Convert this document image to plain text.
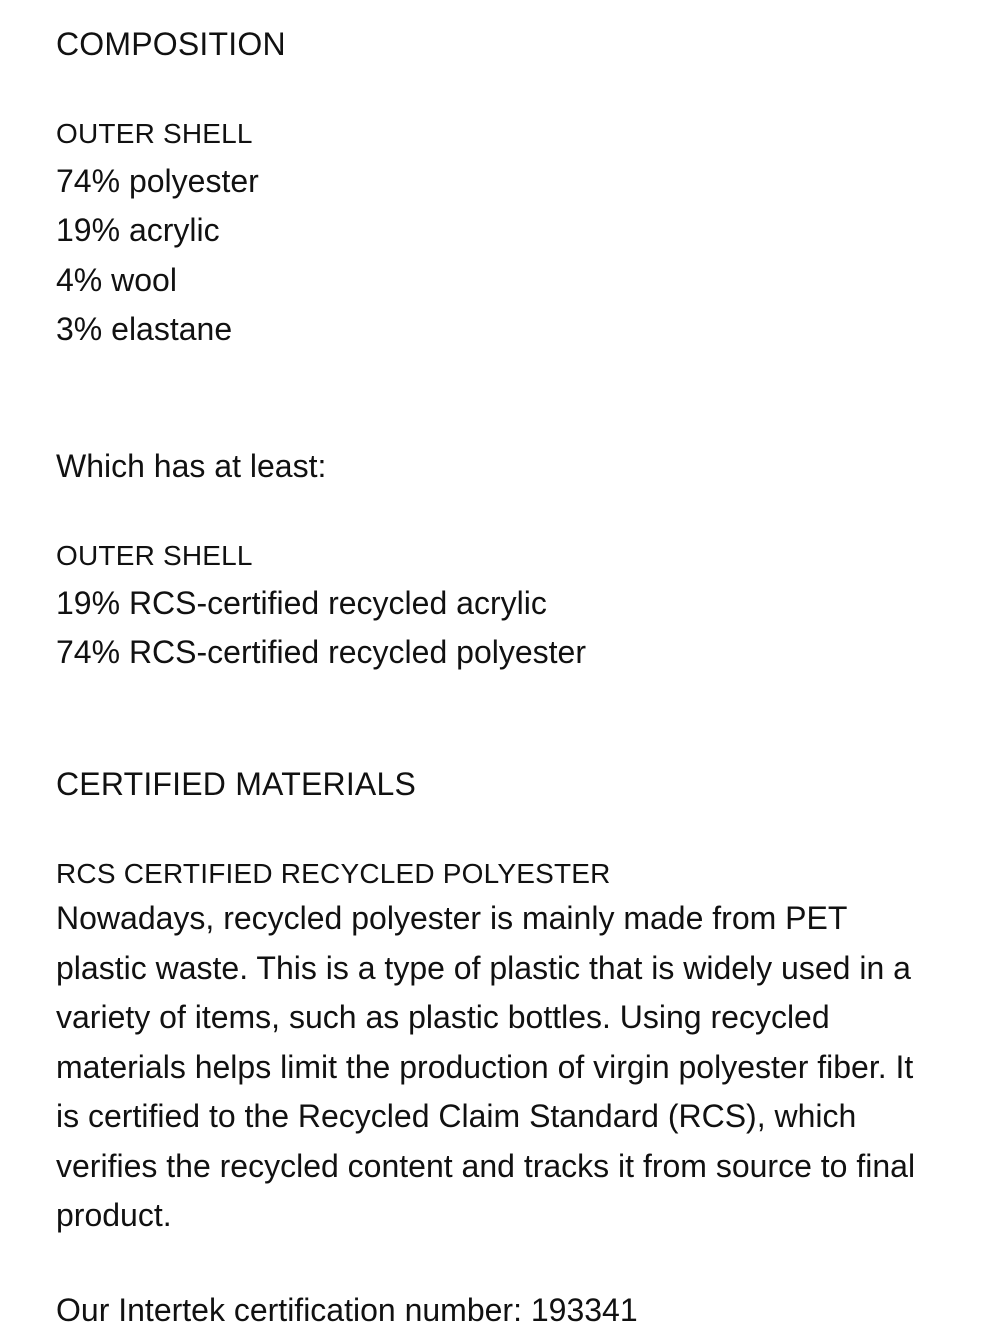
COMPOSITION
OUTER SHELL
74% polyester
19% acrylic
4% wool
3% elastane
Which has at least:
OUTER SHELL
19% RCS-certified recycled acrylic
74% RCS-certified recycled polyester
CERTIFIED MATERIALS
RCS CERTIFIED RECYCLED POLYESTER
Nowadays, recycled polyester is mainly made from PET
plastic waste. This is a type of plastic that is widely used in a
variety of items, such as plastic bottles. Using recycled
materials helps limit the production of virgin polyester fiber. It
is certified to the Recycled Claim Standard (RCS), which
verifies the recycled content and tracks it from source to final
product.
Our Intertek certification number: 193341
